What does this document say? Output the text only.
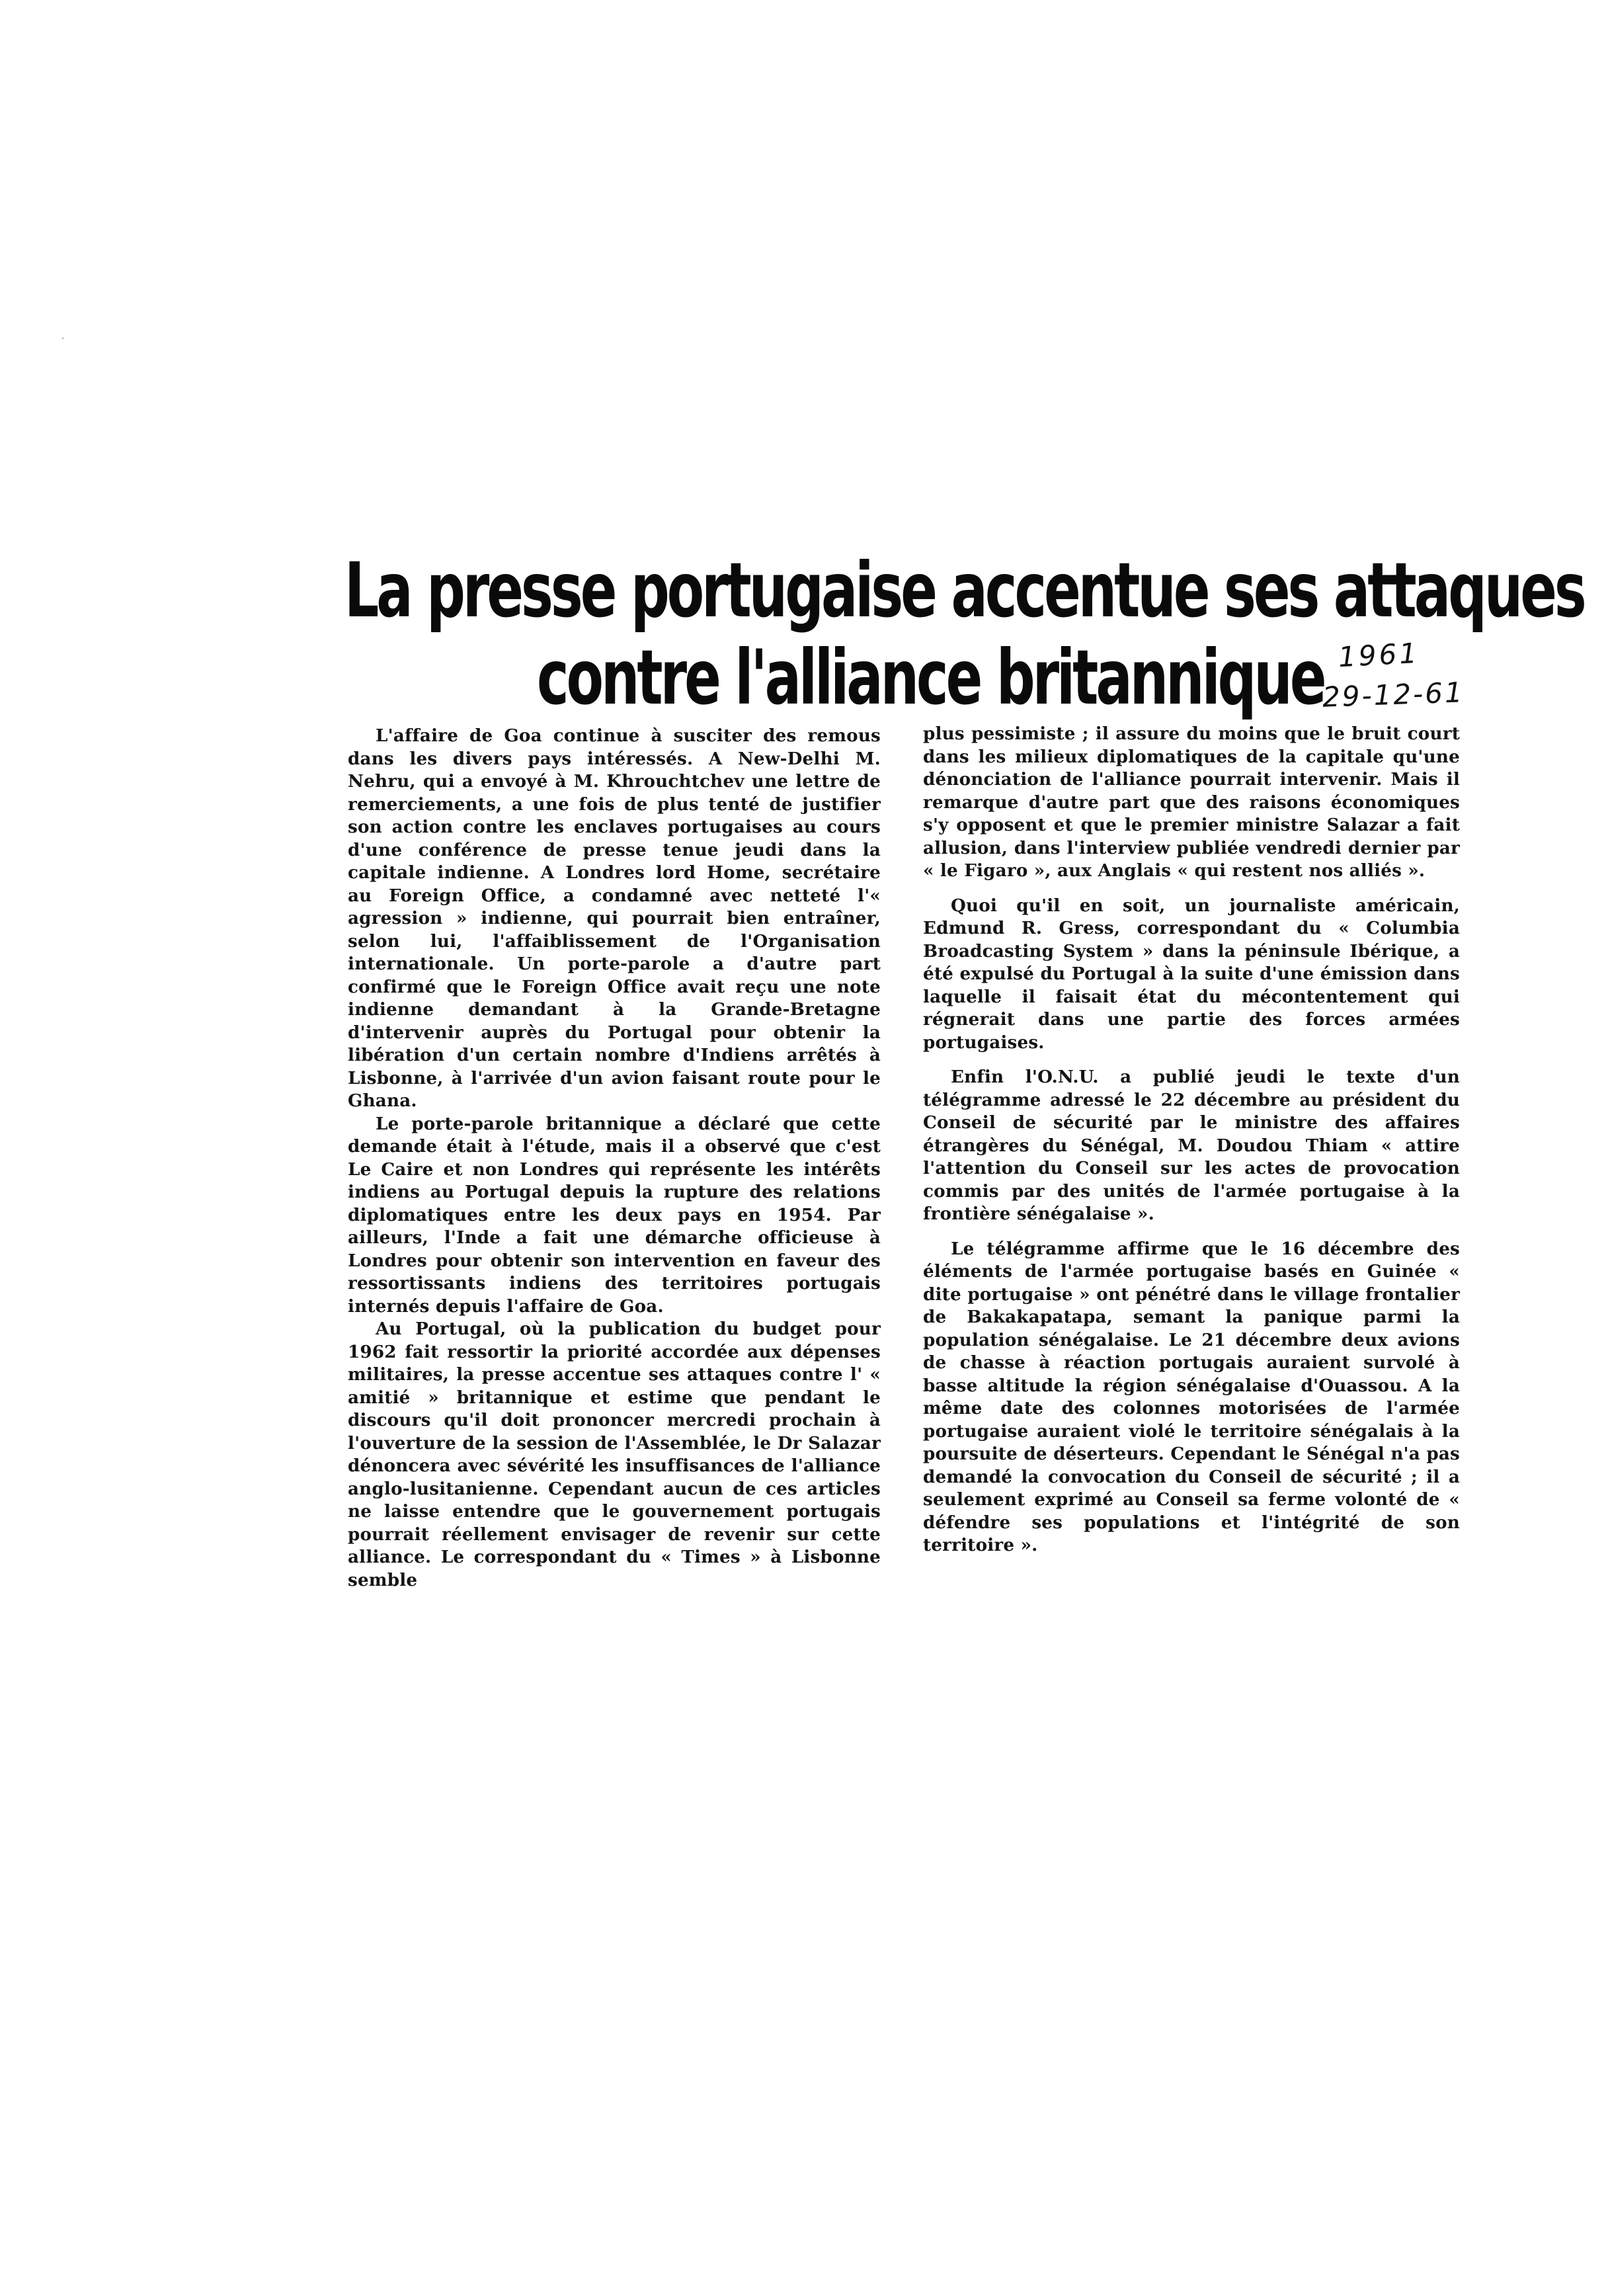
La presse portugaise accentue ses attaques
contre l'alliance britannique 1961
29-12-61

L'affaire de Goa continue à susciter des remous dans les divers pays intéressés. A New-Delhi M. Nehru, qui a envoyé à M. Khrouchtchev une lettre de remerciements, a une fois de plus tenté de justifier son action contre les enclaves portugaises au cours d'une conférence de presse tenue jeudi dans la capitale indienne. A Londres lord Home, secrétaire au Foreign Office, a condamné avec netteté l'« agression » indienne, qui pourrait bien entraîner, selon lui, l'affaiblissement de l'Organisation internationale. Un porte-parole a d'autre part confirmé que le Foreign Office avait reçu une note indienne demandant à la Grande-Bretagne d'intervenir auprès du Portugal pour obtenir la libération d'un certain nombre d'Indiens arrêtés à Lisbonne, à l'arrivée d'un avion faisant route pour le Ghana.

Le porte-parole britannique a déclaré que cette demande était à l'étude, mais il a observé que c'est Le Caire et non Londres qui représente les intérêts indiens au Portugal depuis la rupture des relations diplomatiques entre les deux pays en 1954. Par ailleurs, l'Inde a fait une démarche officieuse à Londres pour obtenir son intervention en faveur des ressortissants indiens des territoires portugais internés depuis l'affaire de Goa.

Au Portugal, où la publication du budget pour 1962 fait ressortir la priorité accordée aux dépenses militaires, la presse accentue ses attaques contre l' « amitié » britannique et estime que pendant le discours qu'il doit prononcer mercredi prochain à l'ouverture de la session de l'Assemblée, le Dr Salazar dénoncera avec sévérité les insuffisances de l'alliance anglo-lusitanienne. Cependant aucun de ces articles ne laisse entendre que le gouvernement portugais pourrait réellement envisager de revenir sur cette alliance. Le correspondant du « Times » à Lisbonne semble

plus pessimiste ; il assure du moins que le bruit court dans les milieux diplomatiques de la capitale qu'une dénonciation de l'alliance pourrait intervenir. Mais il remarque d'autre part que des raisons économiques s'y opposent et que le premier ministre Salazar a fait allusion, dans l'interview publiée vendredi dernier par « le Figaro », aux Anglais « qui restent nos alliés ».

Quoi qu'il en soit, un journaliste américain, Edmund R. Gress, correspondant du « Columbia Broadcasting System » dans la péninsule Ibérique, a été expulsé du Portugal à la suite d'une émission dans laquelle il faisait état du mécontentement qui régnerait dans une partie des forces armées portugaises.

Enfin l'O.N.U. a publié jeudi le texte d'un télégramme adressé le 22 décembre au président du Conseil de sécurité par le ministre des affaires étrangères du Sénégal, M. Doudou Thiam « attire l'attention du Conseil sur les actes de provocation commis par des unités de l'armée portugaise à la frontière sénégalaise ».

Le télégramme affirme que le 16 décembre des éléments de l'armée portugaise basés en Guinée « dite portugaise » ont pénétré dans le village frontalier de Bakakapatapa, semant la panique parmi la population sénégalaise. Le 21 décembre deux avions de chasse à réaction portugais auraient survolé à basse altitude la région sénégalaise d'Ouassou. A la même date des colonnes motorisées de l'armée portugaise auraient violé le territoire sénégalais à la poursuite de déserteurs. Cependant le Sénégal n'a pas demandé la convocation du Conseil de sécurité ; il a seulement exprimé au Conseil sa ferme volonté de « défendre ses populations et l'intégrité de son territoire ».
